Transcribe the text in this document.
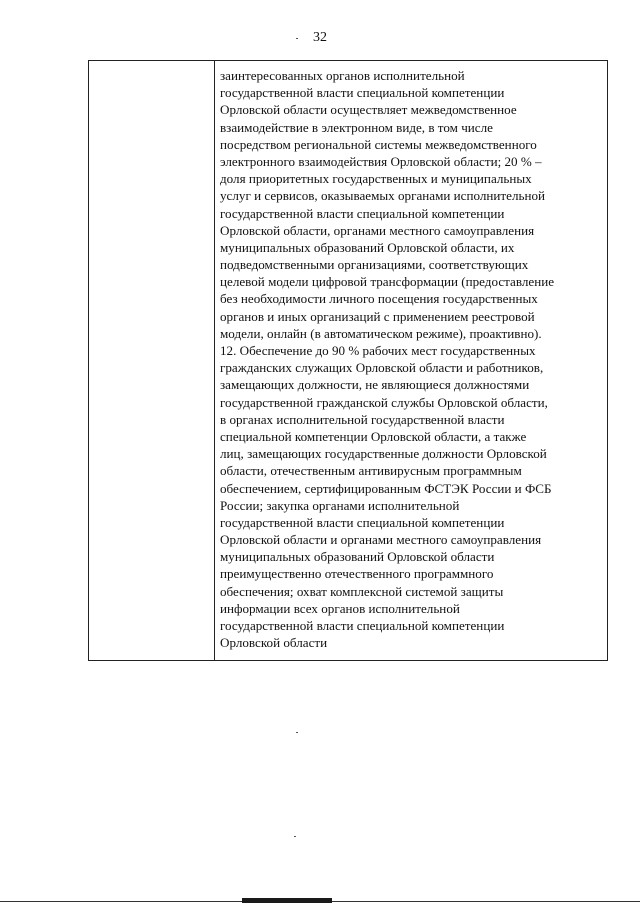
32
заинтересованных органов исполнительной
государственной власти специальной компетенции
Орловской области осуществляет межведомственное
взаимодействие в электронном виде, в том числе
посредством региональной системы межведомственного
электронного взаимодействия Орловской области; 20 % –
доля приоритетных государственных и муниципальных
услуг и сервисов, оказываемых органами исполнительной
государственной власти специальной компетенции
Орловской области, органами местного самоуправления
муниципальных образований Орловской области, их
подведомственными организациями, соответствующих
целевой модели цифровой трансформации (предоставление
без необходимости личного посещения государственных
органов и иных организаций с применением реестровой
модели, онлайн (в автоматическом режиме), проактивно).
12. Обеспечение до 90 % рабочих мест государственных
гражданских служащих Орловской области и работников,
замещающих должности, не являющиеся должностями
государственной гражданской службы Орловской области,
в органах исполнительной государственной власти
специальной компетенции Орловской области, а также
лиц, замещающих государственные должности Орловской
области, отечественным антивирусным программным
обеспечением, сертифицированным ФСТЭК России и ФСБ
России; закупка органами исполнительной
государственной власти специальной компетенции
Орловской области и органами местного самоуправления
муниципальных образований Орловской области
преимущественно отечественного программного
обеспечения; охват комплексной системой защиты
информации всех органов исполнительной
государственной власти специальной компетенции
Орловской области
